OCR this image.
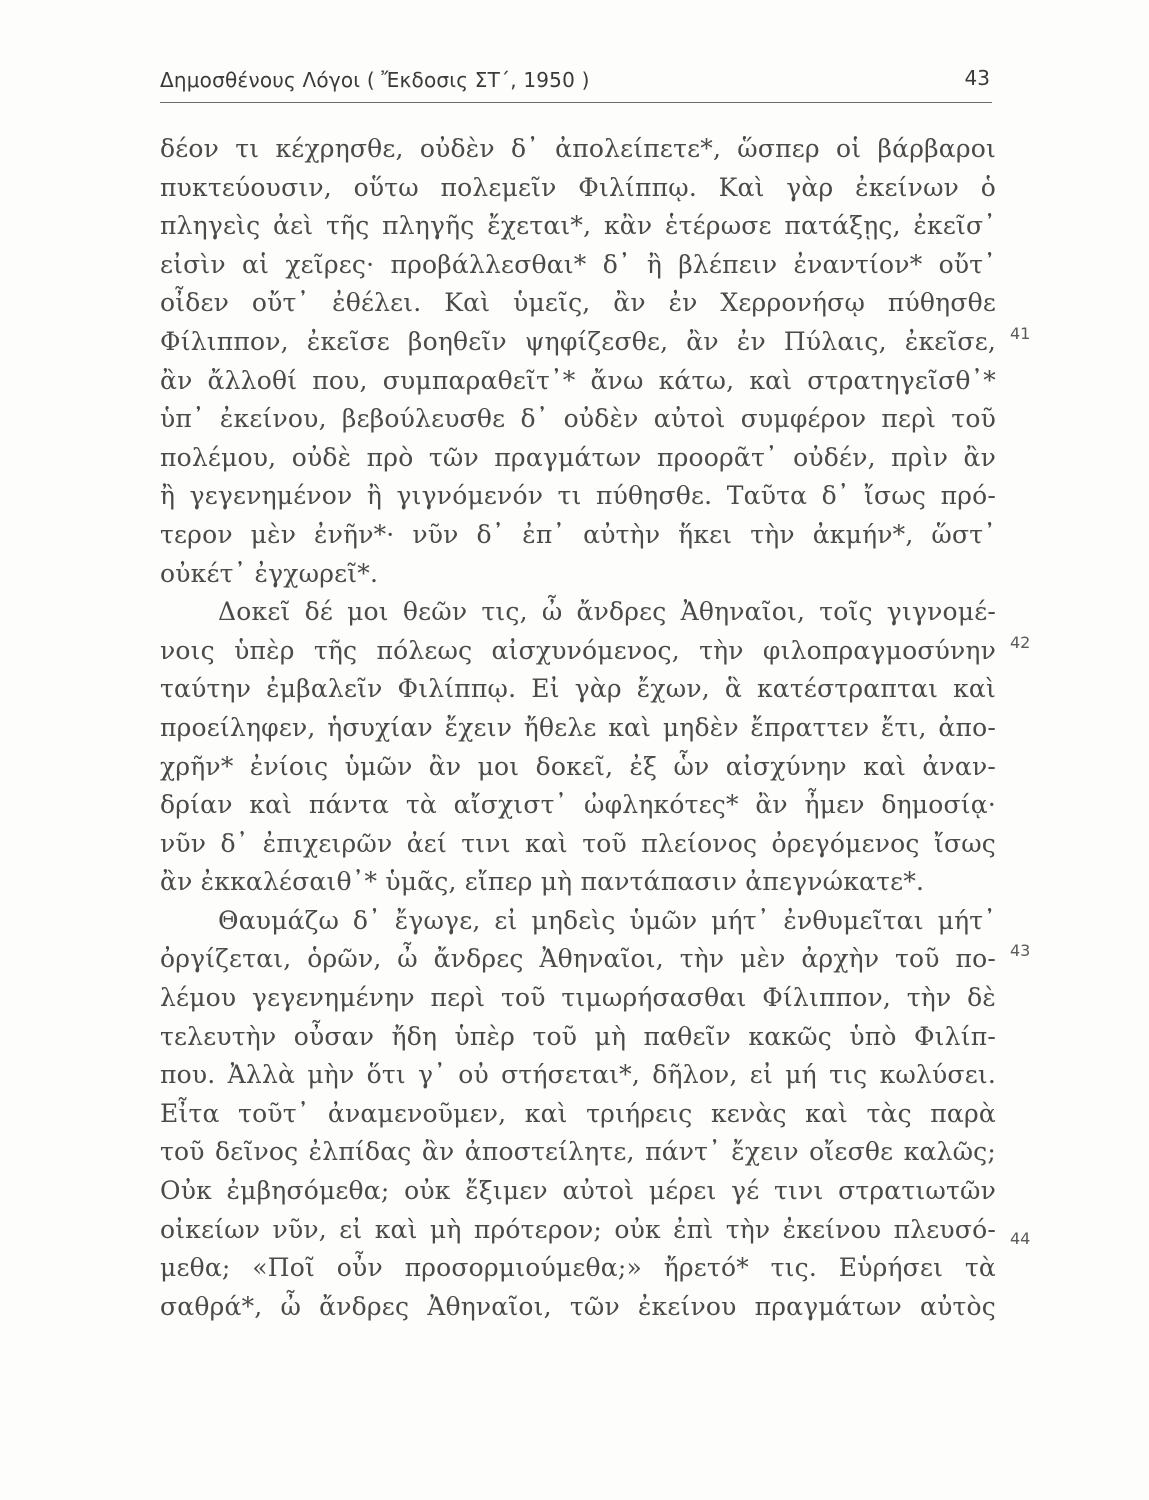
Δημοσθένους Λόγοι ( Ἔκδοσις ΣΤ΄, 1950 )	43
δέον τι κέχρησθε, οὐδὲν δ᾽ ἀπολείπετε*, ὥσπερ οἱ βάρβαροι
πυκτεύουσιν, οὕτω πολεμεῖν Φιλίππῳ. Καὶ γὰρ ἐκείνων ὁ
πληγεὶς ἀεὶ τῆς πληγῆς ἔχεται*, κἂν ἑτέρωσε πατάξῃς, ἐκεῖσ᾽
εἰσὶν αἱ χεῖρες· προβάλλεσθαι* δ᾽ ἢ βλέπειν ἐναντίον* οὔτ᾽
οἶδεν οὔτ᾽ ἐθέλει. Καὶ ὑμεῖς, ἂν ἐν Χερρονήσῳ πύθησθε
Φίλιππον, ἐκεῖσε βοηθεῖν ψηφίζεσθε, ἂν ἐν Πύλαις, ἐκεῖσε,
ἂν ἄλλοθί που, συμπαραθεῖτ᾽* ἄνω κάτω, καὶ στρατηγεῖσθ᾽*
ὑπ᾽ ἐκείνου, βεβούλευσθε δ᾽ οὐδὲν αὐτοὶ συμφέρον περὶ τοῦ
πολέμου, οὐδὲ πρὸ τῶν πραγμάτων προορᾶτ᾽ οὐδέν, πρὶν ἂν
ἢ γεγενημένον ἢ γιγνόμενόν τι πύθησθε. Ταῦτα δ᾽ ἴσως πρό-
τερον μὲν ἐνῆν*· νῦν δ᾽ ἐπ᾽ αὐτὴν ἥκει τὴν ἀκμήν*, ὥστ᾽
οὐκέτ᾽ ἐγχωρεῖ*.
Δοκεῖ δέ μοι θεῶν τις, ὦ ἄνδρες Ἀθηναῖοι, τοῖς γιγνομέ-
νοις ὑπὲρ τῆς πόλεως αἰσχυνόμενος, τὴν φιλοπραγμοσύνην
ταύτην ἐμβαλεῖν Φιλίππῳ. Εἰ γὰρ ἔχων, ἃ κατέστραπται καὶ
προείληφεν, ἡσυχίαν ἔχειν ἤθελε καὶ μηδὲν ἔπραττεν ἔτι, ἀπο-
χρῆν* ἐνίοις ὑμῶν ἂν μοι δοκεῖ, ἐξ ὧν αἰσχύνην καὶ ἀναν-
δρίαν καὶ πάντα τὰ αἴσχιστ᾽ ὠφληκότες* ἂν ἦμεν δημοσίᾳ·
νῦν δ᾽ ἐπιχειρῶν ἀεί τινι καὶ τοῦ πλείονος ὀρεγόμενος ἴσως
ἂν ἐκκαλέσαιθ᾽* ὑμᾶς, εἴπερ μὴ παντάπασιν ἀπεγνώκατε*.
Θαυμάζω δ᾽ ἔγωγε, εἰ μηδεὶς ὑμῶν μήτ᾽ ἐνθυμεῖται μήτ᾽
ὀργίζεται, ὁρῶν, ὦ ἄνδρες Ἀθηναῖοι, τὴν μὲν ἀρχὴν τοῦ πο-
λέμου γεγενημένην περὶ τοῦ τιμωρήσασθαι Φίλιππον, τὴν δὲ
τελευτὴν οὖσαν ἤδη ὑπὲρ τοῦ μὴ παθεῖν κακῶς ὑπὸ Φιλίπ-
που. Ἀλλὰ μὴν ὅτι γ᾽ οὐ στήσεται*, δῆλον, εἰ μή τις κωλύσει.
Εἶτα τοῦτ᾽ ἀναμενοῦμεν, καὶ τριήρεις κενὰς καὶ τὰς παρὰ
τοῦ δεῖνος ἐλπίδας ἂν ἀποστείλητε, πάντ᾽ ἔχειν οἴεσθε καλῶς;
Οὐκ ἐμβησόμεθα; οὐκ ἔξιμεν αὐτοὶ μέρει γέ τινι στρατιωτῶν
οἰκείων νῦν, εἰ καὶ μὴ πρότερον; οὐκ ἐπὶ τὴν ἐκείνου πλευσό-
μεθα; «Ποῖ οὖν προσορμιούμεθα;» ἤρετό* τις. Εὑρήσει τὰ
σαθρά*, ὦ ἄνδρες Ἀθηναῖοι, τῶν ἐκείνου πραγμάτων αὐτὸς
41
42
43
44
